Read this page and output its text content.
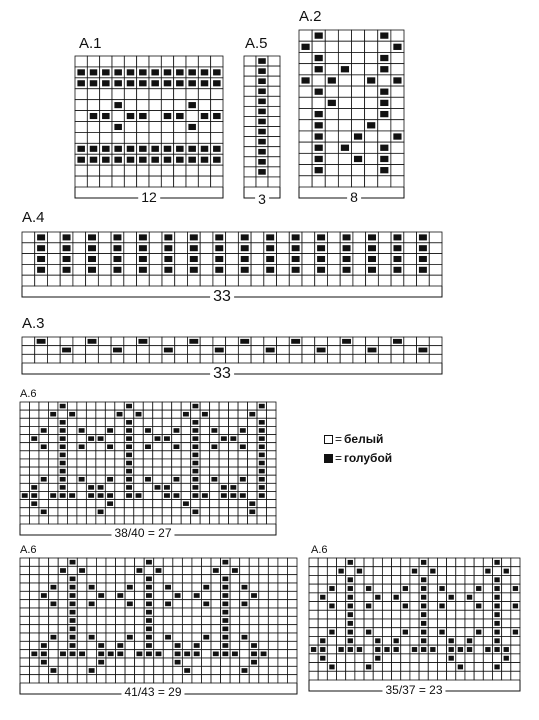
A.1	A.5
A.2
A.4
A.3
A.6
A.6	A.6
12	3	8
33
33
38/40 = 27
41/43 = 29	35/37 = 23
= белый
= голубой
